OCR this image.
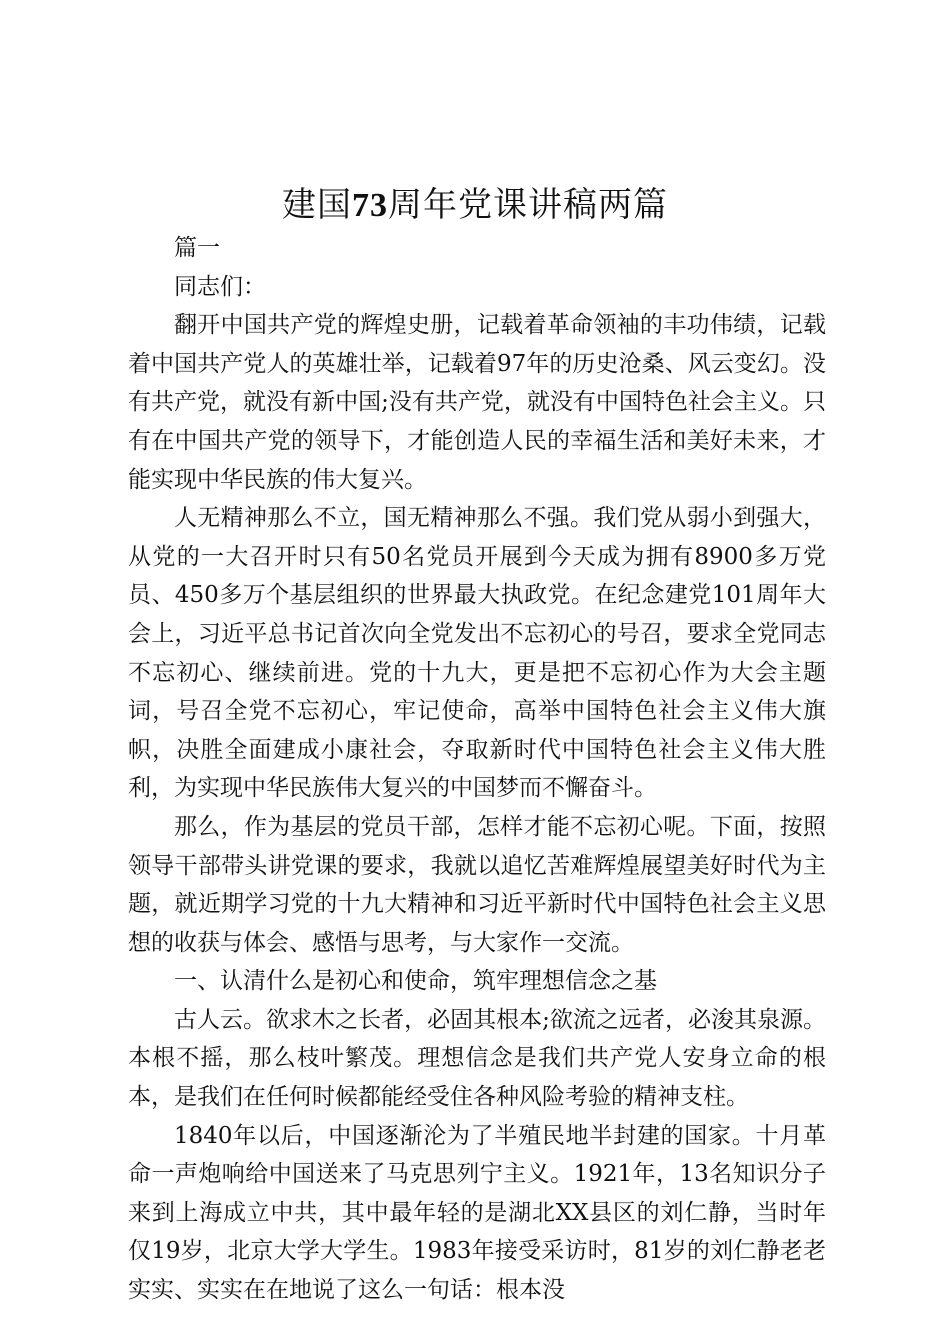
建国73周年党课讲稿两篇

篇一

同志们：

翻开中国共产党的辉煌史册，记载着革命领袖的丰功伟绩，记载着中国共产党人的英雄壮举，记载着97年的历史沧桑、风云变幻。没有共产党，就没有新中国;没有共产党，就没有中国特色社会主义。只有在中国共产党的领导下，才能创造人民的幸福生活和美好未来，才能实现中华民族的伟大复兴。

人无精神那么不立，国无精神那么不强。我们党从弱小到强大，从党的一大召开时只有50名党员开展到今天成为拥有8900多万党员、450多万个基层组织的世界最大执政党。在纪念建党101周年大会上，习近平总书记首次向全党发出不忘初心的号召，要求全党同志不忘初心、继续前进。党的十九大，更是把不忘初心作为大会主题词，号召全党不忘初心，牢记使命，高举中国特色社会主义伟大旗帜，决胜全面建成小康社会，夺取新时代中国特色社会主义伟大胜利，为实现中华民族伟大复兴的中国梦而不懈奋斗。

那么，作为基层的党员干部，怎样才能不忘初心呢。下面，按照领导干部带头讲党课的要求，我就以追忆苦难辉煌展望美好时代为主题，就近期学习党的十九大精神和习近平新时代中国特色社会主义思想的收获与体会、感悟与思考，与大家作一交流。

一、认清什么是初心和使命，筑牢理想信念之基

古人云。欲求木之长者，必固其根本;欲流之远者，必浚其泉源。本根不摇，那么枝叶繁茂。理想信念是我们共产党人安身立命的根本，是我们在任何时候都能经受住各种风险考验的精神支柱。

1840年以后，中国逐渐沦为了半殖民地半封建的国家。十月革命一声炮响给中国送来了马克思列宁主义。1921年，13名知识分子来到上海成立中共，其中最年轻的是湖北XX县区的刘仁静，当时年仅19岁，北京大学大学生。1983年接受采访时，81岁的刘仁静老老实实、实实在在地说了这么一句话：根本没
